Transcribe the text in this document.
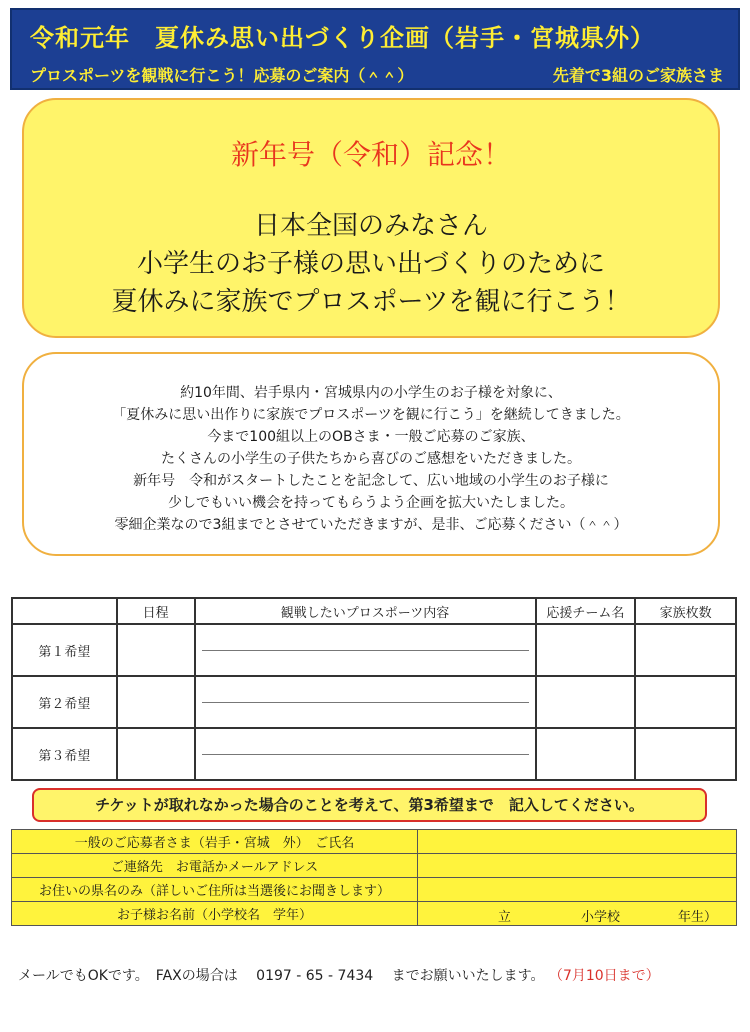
令和元年　夏休み思い出づくり企画（岩手・宮城県外）
プロスポーツを観戦に行こう！応募のご案内（＾＾）	先着で3組のご家族さま
新年号（令和）記念！
日本全国のみなさん
小学生のお子様の思い出づくりのために
夏休みに家族でプロスポーツを観に行こう！
約10年間、岩手県内・宮城県内の小学生のお子様を対象に、
「夏休みに思い出作りに家族でプロスポーツを観に行こう」を継続してきました。
今まで100組以上のOBさま・一般ご応募のご家族、
たくさんの小学生の子供たちから喜びのご感想をいただきました。
新年号　令和がスタートしたことを記念して、広い地域の小学生のお子様に
少しでもいい機会を持ってもらうよう企画を拡大いたしました。
零細企業なので3組までとさせていただきますが、是非、ご応募ください（＾＾）
	日程	観戦したいプロスポーツ内容	応援チーム名	家族枚数
第１希望		

第２希望		

第３希望		

チケットが取れなかった場合のことを考えて、第3希望まで　記入してください。
一般のご応募者さま（岩手・宮城　外）　ご氏名	
ご連絡先　お電話かメールアドレス	
お住いの県名のみ（詳しいご住所は当選後にお聞きします）	
お子様お名前（小学校名　学年）	立 小学校 年生）
メールでもOKです。　FAXの場合は　 0197 - 65 - 7434 　までお願いいたします。 （7月10日まで）
